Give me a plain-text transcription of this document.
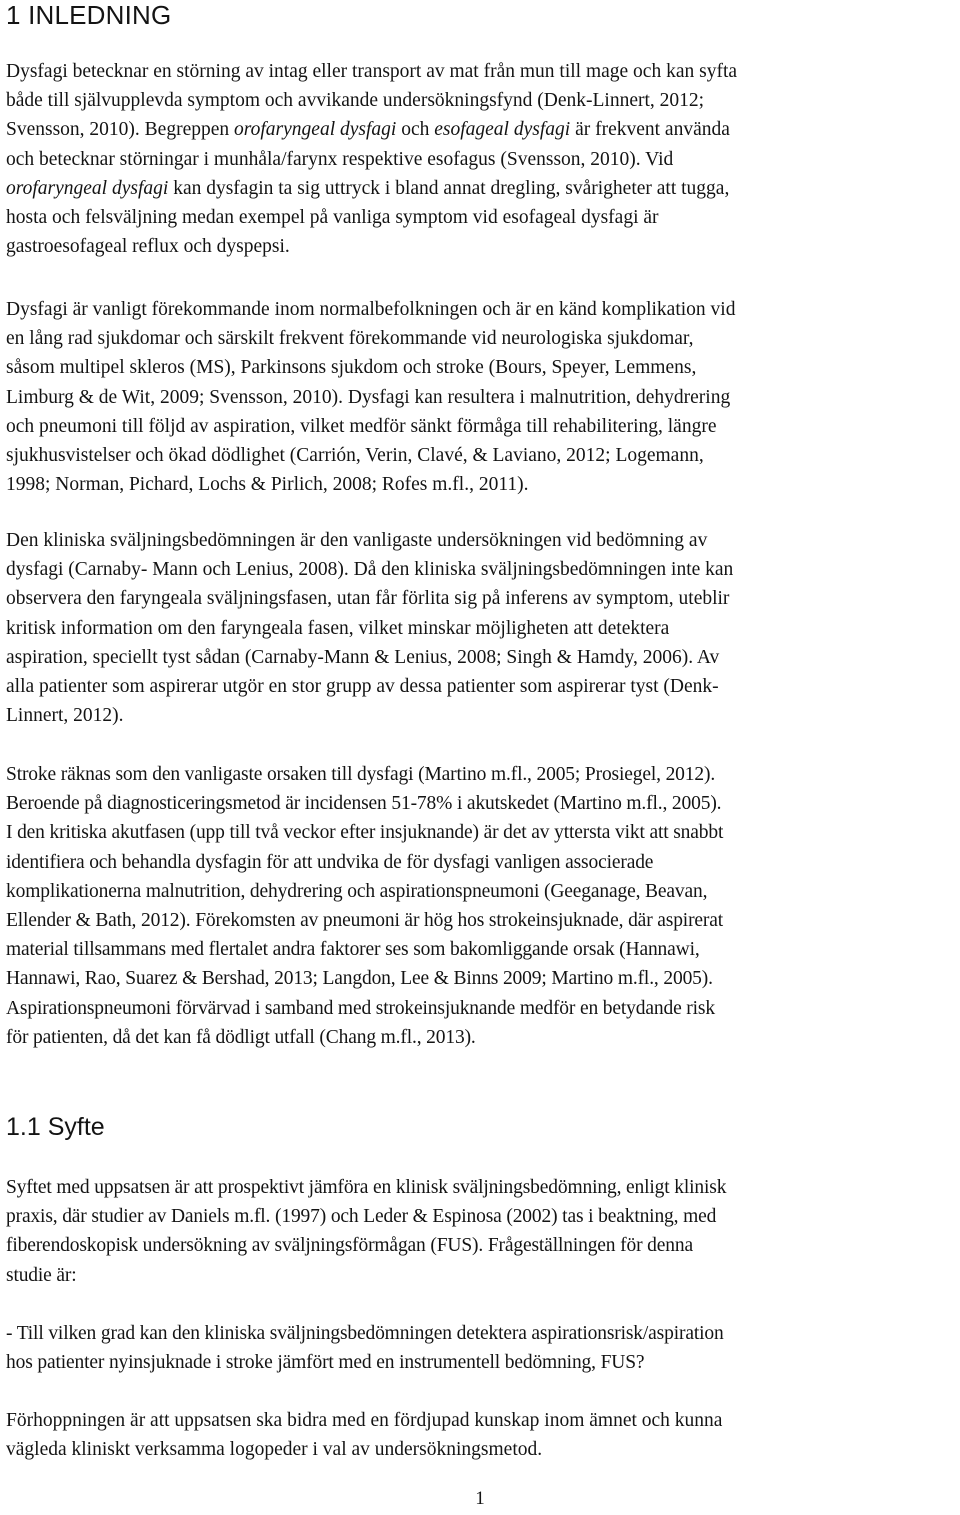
1 INLEDNING

Dysfagi betecknar en störning av intag eller transport av mat från mun till mage och kan syfta
både till självupplevda symptom och avvikande undersökningsfynd (Denk-Linnert, 2012;
Svensson, 2010). Begreppen orofaryngeal dysfagi och esofageal dysfagi är frekvent använda
och betecknar störningar i munhåla/farynx respektive esofagus (Svensson, 2010). Vid
orofaryngeal dysfagi kan dysfagin ta sig uttryck i bland annat dregling, svårigheter att tugga,
hosta och felsväljning medan exempel på vanliga symptom vid esofageal dysfagi är
gastroesofageal reflux och dyspepsi.

Dysfagi är vanligt förekommande inom normalbefolkningen och är en känd komplikation vid
en lång rad sjukdomar och särskilt frekvent förekommande vid neurologiska sjukdomar,
såsom multipel skleros (MS), Parkinsons sjukdom och stroke (Bours, Speyer, Lemmens,
Limburg & de Wit, 2009; Svensson, 2010). Dysfagi kan resultera i malnutrition, dehydrering
och pneumoni till följd av aspiration, vilket medför sänkt förmåga till rehabilitering, längre
sjukhusvistelser och ökad dödlighet (Carrión, Verin, Clavé, & Laviano, 2012; Logemann,
1998; Norman, Pichard, Lochs & Pirlich, 2008; Rofes m.fl., 2011).

Den kliniska sväljningsbedömningen är den vanligaste undersökningen vid bedömning av
dysfagi (Carnaby- Mann och Lenius, 2008). Då den kliniska sväljningsbedömningen inte kan
observera den faryngeala sväljningsfasen, utan får förlita sig på inferens av symptom, uteblir
kritisk information om den faryngeala fasen, vilket minskar möjligheten att detektera
aspiration, speciellt tyst sådan (Carnaby-Mann & Lenius, 2008; Singh & Hamdy, 2006). Av
alla patienter som aspirerar utgör en stor grupp av dessa patienter som aspirerar tyst (Denk-
Linnert, 2012).

Stroke räknas som den vanligaste orsaken till dysfagi (Martino m.fl., 2005; Prosiegel, 2012).
Beroende på diagnosticeringsmetod är incidensen 51-78% i akutskedet (Martino m.fl., 2005).
I den kritiska akutfasen (upp till två veckor efter insjuknande) är det av yttersta vikt att snabbt
identifiera och behandla dysfagin för att undvika de för dysfagi vanligen associerade
komplikationerna malnutrition, dehydrering och aspirationspneumoni (Geeganage, Beavan,
Ellender & Bath, 2012). Förekomsten av pneumoni är hög hos strokeinsjuknade, där aspirerat
material tillsammans med flertalet andra faktorer ses som bakomliggande orsak (Hannawi,
Hannawi, Rao, Suarez & Bershad, 2013; Langdon, Lee & Binns 2009; Martino m.fl., 2005).
Aspirationspneumoni förvärvad i samband med strokeinsjuknande medför en betydande risk
för patienten, då det kan få dödligt utfall (Chang m.fl., 2013).

1.1 Syfte

Syftet med uppsatsen är att prospektivt jämföra en klinisk sväljningsbedömning, enligt klinisk
praxis, där studier av Daniels m.fl. (1997) och Leder & Espinosa (2002) tas i beaktning, med
fiberendoskopisk undersökning av sväljningsförmågan (FUS). Frågeställningen för denna
studie är:

- Till vilken grad kan den kliniska sväljningsbedömningen detektera aspirationsrisk/aspiration
hos patienter nyinsjuknade i stroke jämfört med en instrumentell bedömning, FUS?

Förhoppningen är att uppsatsen ska bidra med en fördjupad kunskap inom ämnet och kunna
vägleda kliniskt verksamma logopeder i val av undersökningsmetod.

1
